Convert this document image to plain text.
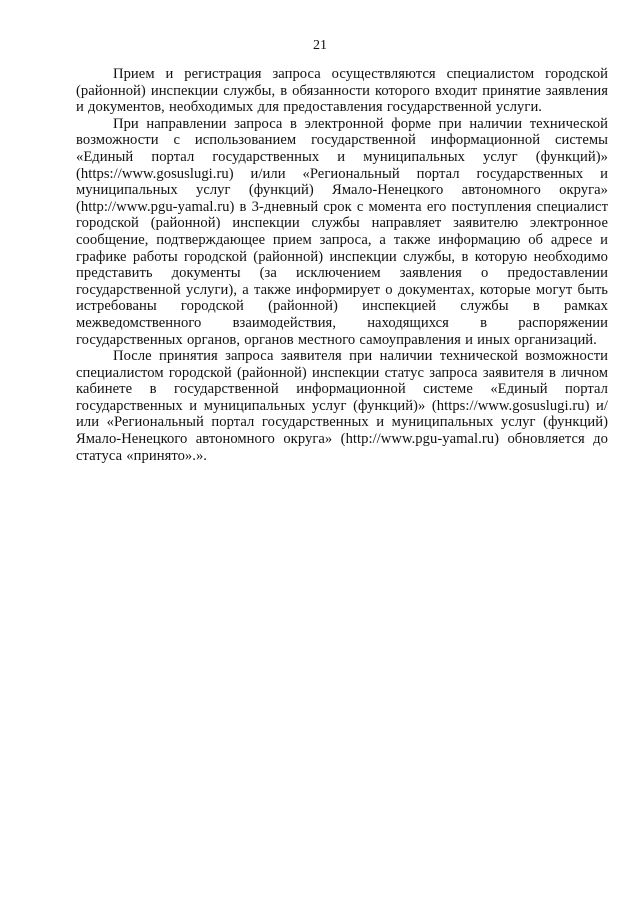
21

Прием и регистрация запроса осуществляются специалистом городской (районной) инспекции службы, в обязанности которого входит принятие заявления и документов, необходимых для предоставления государственной услуги.

При направлении запроса в электронной форме при наличии технической возможности с использованием государственной информационной системы «Единый портал государственных и муниципальных услуг (функций)» (https://www.gosuslugi.ru) и/или «Региональный портал государственных и муниципальных услуг (функций) Ямало-Ненецкого автономного округа» (http://www.pgu-yamal.ru) в 3-дневный срок с момента его поступления специалист городской (районной) инспекции службы направляет заявителю электронное сообщение, подтверждающее прием запроса, а также информацию об адресе и графике работы городской (районной) инспекции службы, в которую необходимо представить документы (за исключением заявления о предоставлении государственной услуги), а также информирует о документах, которые могут быть истребованы городской (районной) инспекцией службы в рамках межведомственного взаимодействия, находящихся в распоряжении государственных органов, органов местного самоуправления и иных организаций.

После принятия запроса заявителя при наличии технической возможности специалистом городской (районной) инспекции статус запроса заявителя в личном кабинете в государственной информационной системе «Единый портал государственных и муниципальных услуг (функций)» (https://www.gosuslugi.ru) и/или «Региональный портал государственных и муниципальных услуг (функций) Ямало-Ненецкого автономного округа» (http://www.pgu-yamal.ru) обновляется до статуса «принято».».
